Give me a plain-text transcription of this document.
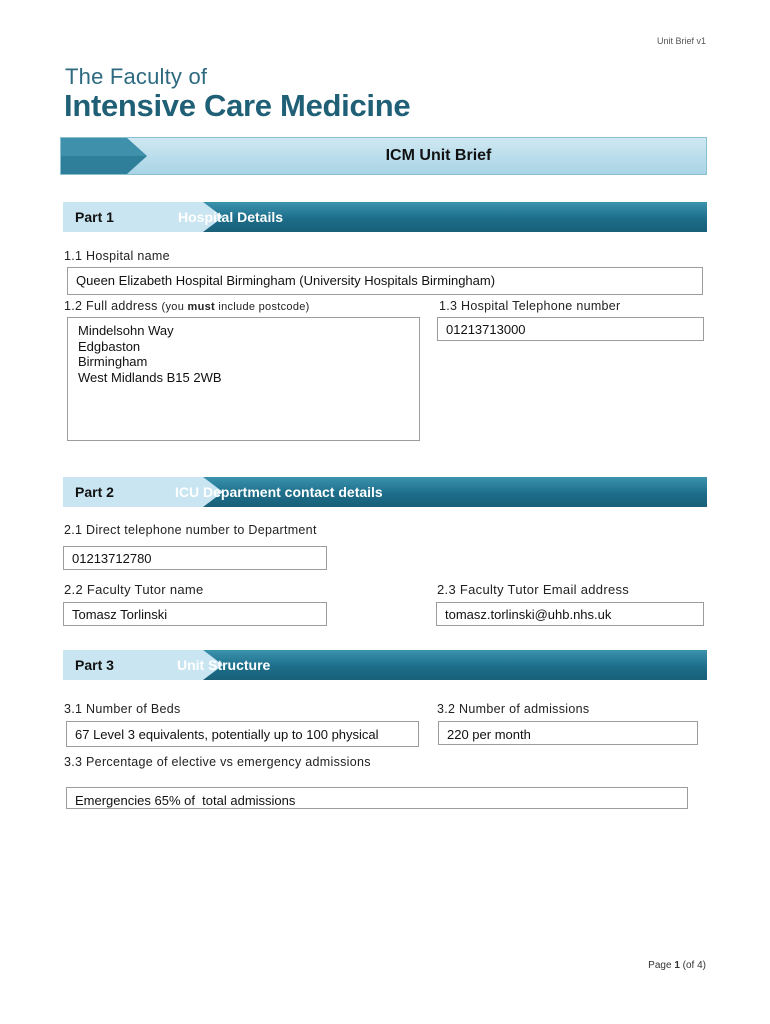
Unit Brief v1
The Faculty of
Intensive Care Medicine
ICM Unit Brief
Part 1	Hospital Details
1.1 Hospital name
Queen Elizabeth Hospital Birmingham (University Hospitals Birmingham)
1.2 Full address (you must include postcode)
Mindelsohn Way
Edgbaston
Birmingham
West Midlands B15 2WB
1.3 Hospital Telephone number
01213713000
Part 2	ICU Department contact details
2.1 Direct telephone number to Department
01213712780
2.2 Faculty Tutor name
Tomasz Torlinski
2.3 Faculty Tutor Email address
tomasz.torlinski@uhb.nhs.uk
Part 3	Unit Structure
3.1 Number of Beds
67 Level 3 equivalents, potentially up to 100 physical
3.2 Number of admissions
220 per month
3.3 Percentage of elective vs emergency admissions
Emergencies 65% of  total admissions
Page 1 (of 4)
